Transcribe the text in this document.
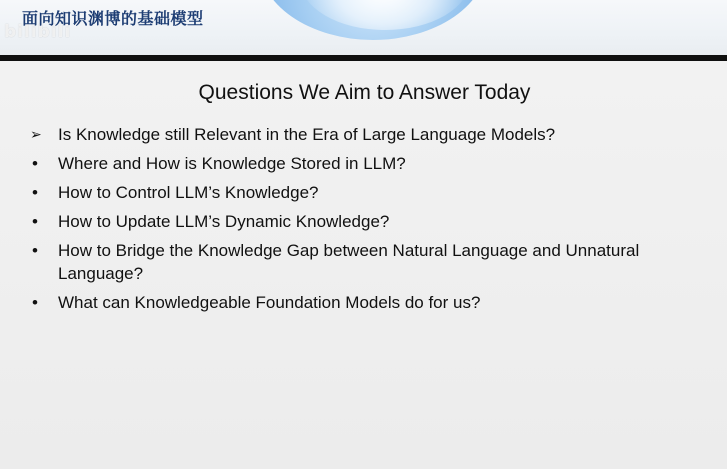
bilibili
面向知识渊博的基础模型
Questions We Aim to Answer Today
➢ Is Knowledge still Relevant in the Era of Large Language Models?
•	Where and How is Knowledge Stored in LLM?
•	How to Control LLM’s Knowledge?
•	How to Update LLM’s Dynamic Knowledge?
•	How to Bridge the Knowledge Gap between Natural Language and Unnatural Language?
•	What can Knowledgeable Foundation Models do for us?
